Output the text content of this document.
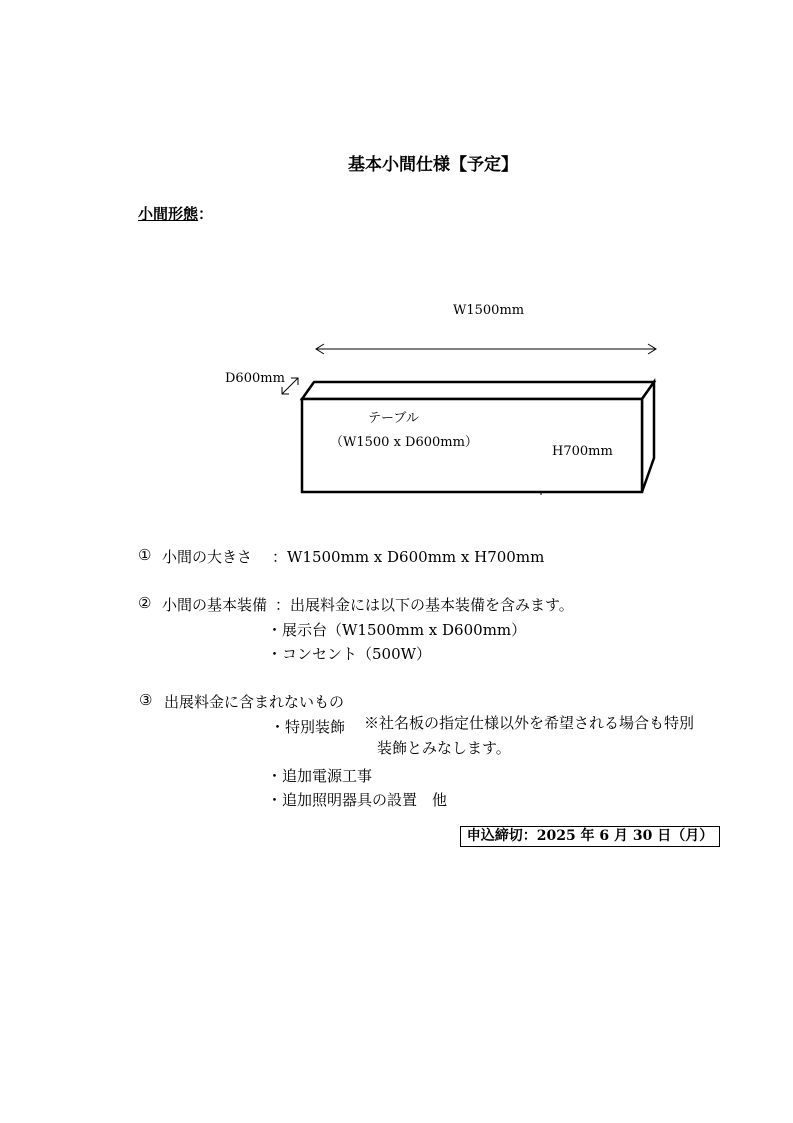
基本小間仕様【予定】
小間形態：
W1500mm
D600mm
テーブル
（W1500 x D600mm）
H700mm
① 小間の大きさ ：W1500mm x D600mm x H700mm
② 小間の基本装備 ：出展料金には以下の基本装備を含みます。
・展示台（W1500mm x D600mm）
・コンセント（500W）
③ 出展料金に含まれないもの
・特別装飾 ※社名板の指定仕様以外を希望される場合も特別
装飾とみなします。
・追加電源工事
・追加照明器具の設置　他
申込締切：2025 年 6 月 30 日（月）
